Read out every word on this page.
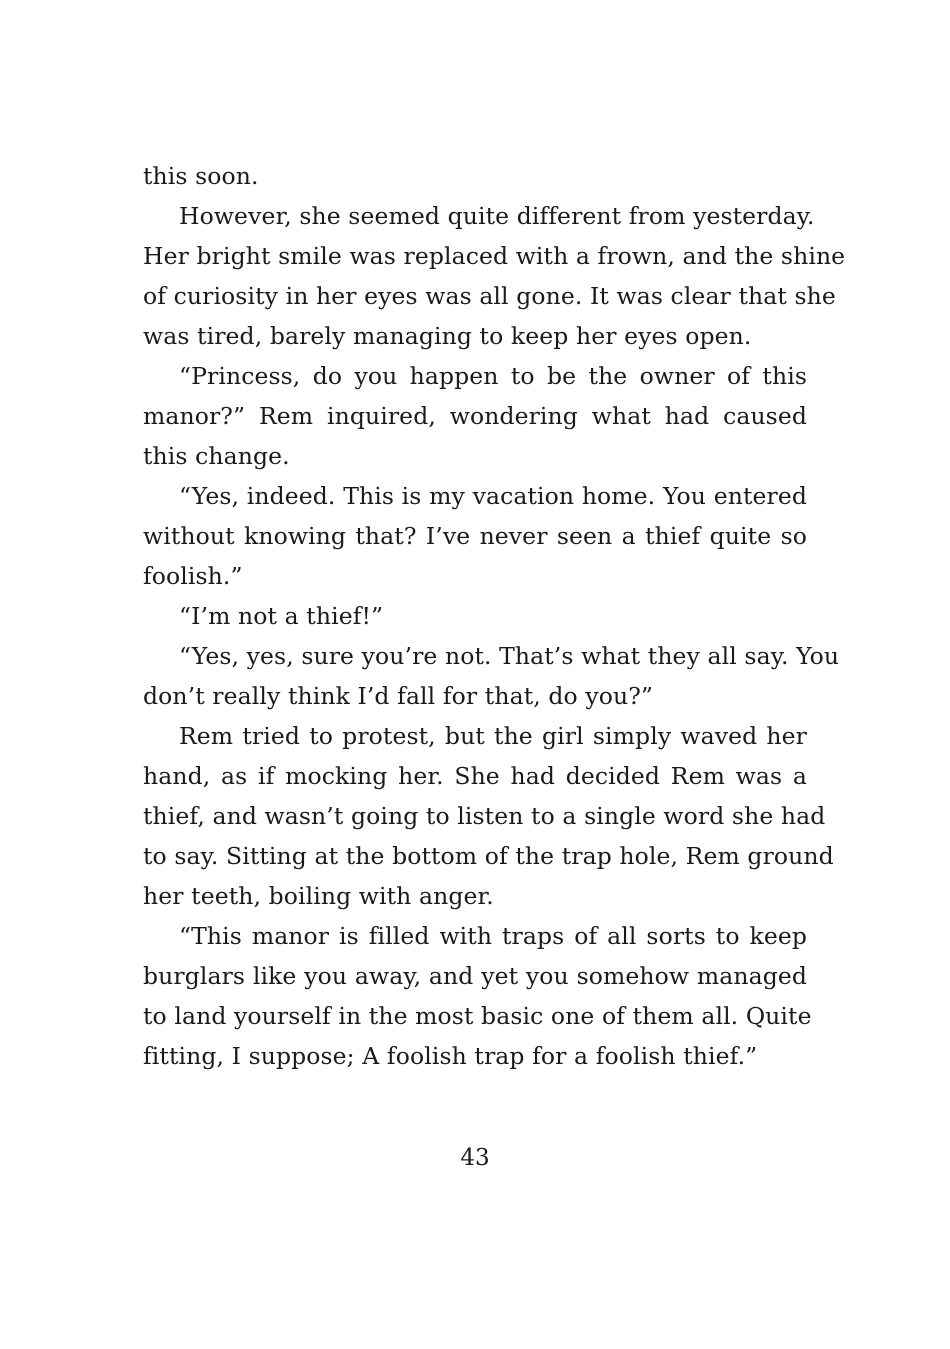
this soon.
However, she seemed quite different from yesterday.
Her bright smile was replaced with a frown, and the shine
of curiosity in her eyes was all gone. It was clear that she
was tired, barely managing to keep her eyes open.
“Princess, do you happen to be the owner of this
manor?” Rem inquired, wondering what had caused
this change.
“Yes, indeed. This is my vacation home. You entered
without knowing that? I’ve never seen a thief quite so
foolish.”
“I’m not a thief!”
“Yes, yes, sure you’re not. That’s what they all say. You
don’t really think I’d fall for that, do you?”
Rem tried to protest, but the girl simply waved her
hand, as if mocking her. She had decided Rem was a
thief, and wasn’t going to listen to a single word she had
to say. Sitting at the bottom of the trap hole, Rem ground
her teeth, boiling with anger.
“This manor is filled with traps of all sorts to keep
burglars like you away, and yet you somehow managed
to land yourself in the most basic one of them all. Quite
fitting, I suppose; A foolish trap for a foolish thief.”
43
